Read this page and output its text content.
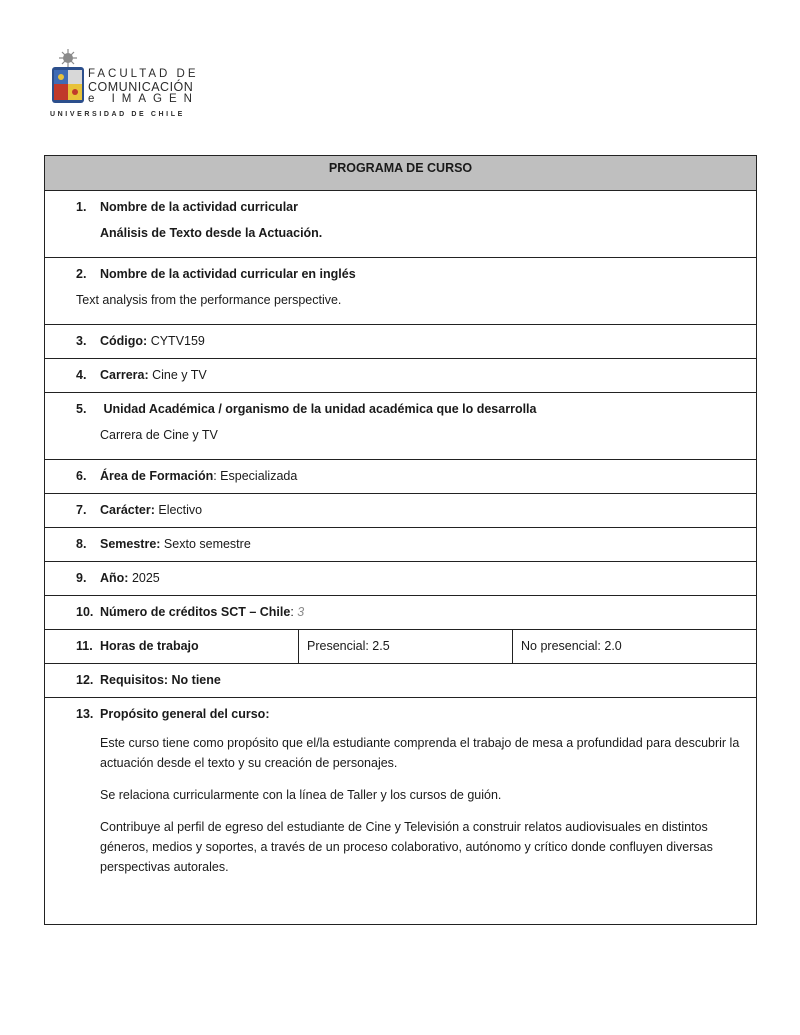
FACULTAD DE
COMUNICACIÓN
e IMAGEN
UNIVERSIDAD DE CHILE
PROGRAMA DE CURSO
1. Nombre de la actividad curricular
Análisis de Texto desde la Actuación.

2. Nombre de la actividad curricular en inglés
Text analysis from the performance perspective.

3. Código: CYTV159
4. Carrera: Cine y TV
5. Unidad Académica / organismo de la unidad académica que lo desarrolla
Carrera de Cine y TV

6. Área de Formación: Especializada
7. Carácter: Electivo
8. Semestre: Sexto semestre
9. Año: 2025
10. Número de créditos SCT – Chile: 3
11. Horas de trabajo	Presencial: 2.5	No presencial: 2.0
12. Requisitos: No tiene
13. Propósito general del curso:
Este curso tiene como propósito que el/la estudiante comprenda el trabajo de mesa a profundidad para descubrir la actuación desde el texto y su creación de personajes.
Se relaciona curricularmente con la línea de Taller y los cursos de guión.
Contribuye al perfil de egreso del estudiante de Cine y Televisión a construir relatos audiovisuales en distintos géneros, medios y soportes, a través de un proceso colaborativo, autónomo y crítico donde confluyen diversas perspectivas autorales.
